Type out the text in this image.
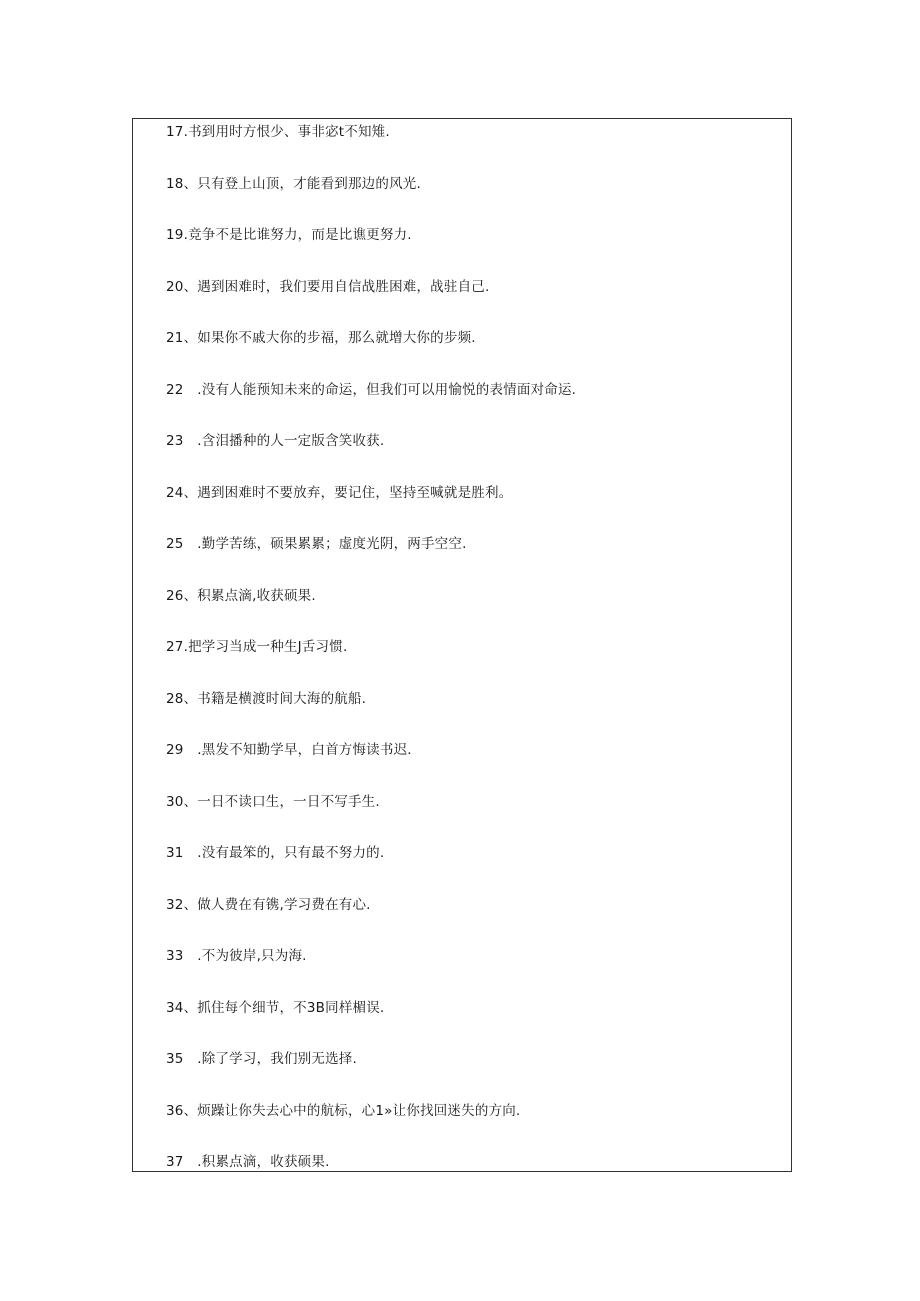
17.书到用时方恨少、事非宓t不知雉.
18、只有登上山顶，才能看到那边的风光.
19.竞争不是比谁努力，而是比谯更努力.
20、遇到困难时，我们要用自信战胜困难，战驻自己.
21、如果你不戚大你的步福，那么就增大你的步频.
22　.没有人能预知未来的命运，但我们可以用愉悦的表情面对命运.
23　.含泪播种的人一定版含笑收获.
24、遇到困难时不要放弃，要记住，坚持至喊就是胜利。
25　.勤学苦练，硕果累累；虚度光阴，两手空空.
26、积累点滴,收获硕果.
27.把学习当成一种生J舌习惯.
28、书籍是横渡时间大海的航船.
29　.黑发不知勤学早，白首方悔读书迟.
30、一日不读口生，一日不写手生.
31　.没有最笨的，只有最不努力的.
32、做人费在有镌,学习费在有心.
33　.不为彼岸,只为海.
34、抓住每个细节，不3B同样楣误.
35　.除了学习，我们别无选择.
36、烦躁让你失去心中的航标，心1»让你找回迷失的方向.
37　.积累点滴，收获硕果.
